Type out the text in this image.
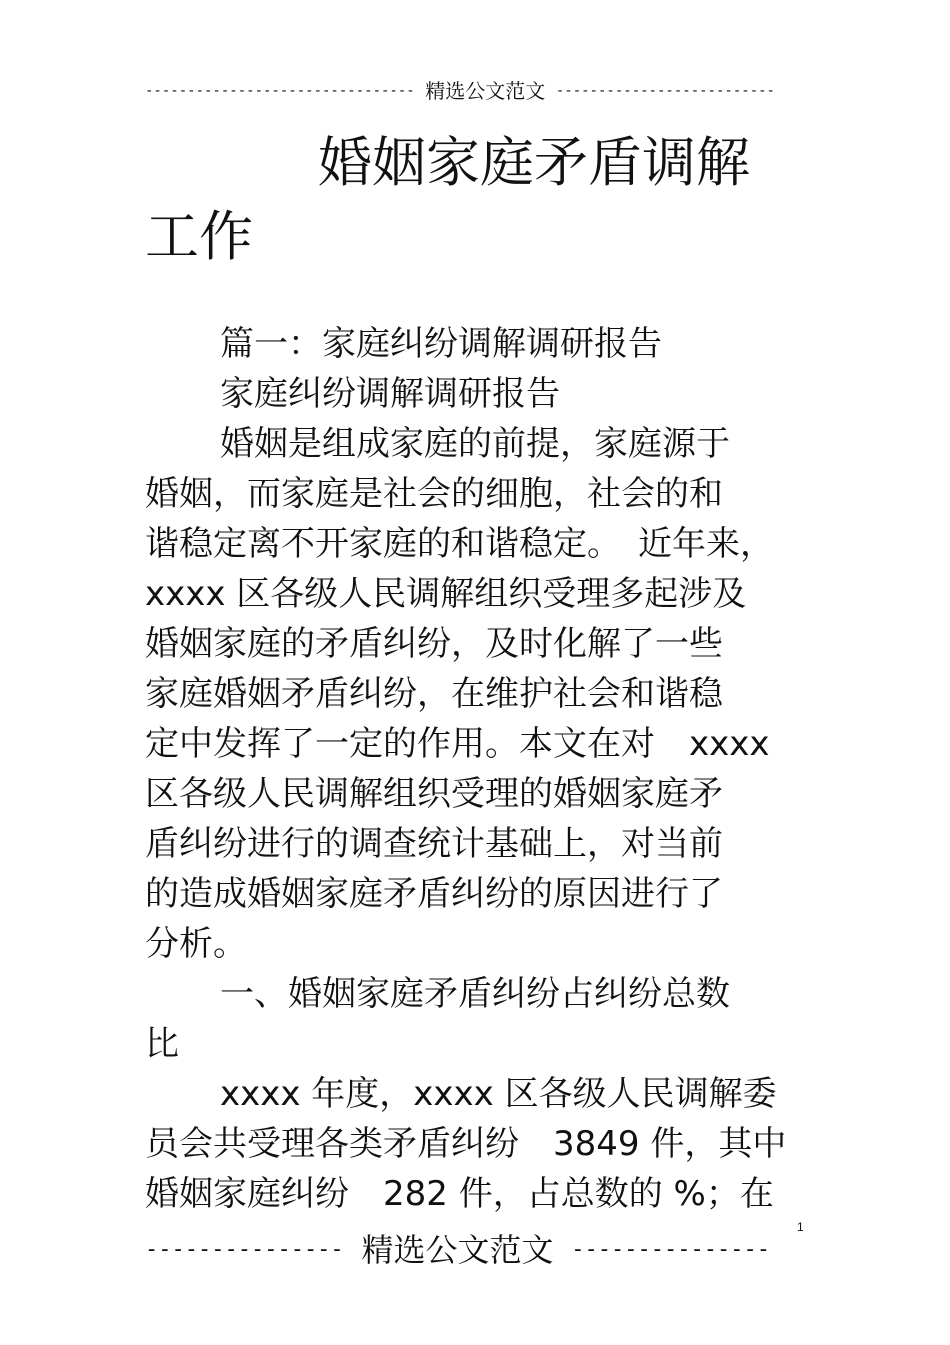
-------------------------------- 精选公文范文 --------------------------
婚姻家庭矛盾调解
工作
篇一：家庭纠纷调解调研报告
家庭纠纷调解调研报告
婚姻是组成家庭的前提，家庭源于
婚姻，而家庭是社会的细胞，社会的和
谐稳定离不开家庭的和谐稳定。　近年来，
xxxx 区各级人民调解组织受理多起涉及
婚姻家庭的矛盾纠纷，及时化解了一些
家庭婚姻矛盾纠纷，在维护社会和谐稳
定中发挥了一定的作用。本文在对　xxxx
区各级人民调解组织受理的婚姻家庭矛
盾纠纷进行的调查统计基础上，对当前
的造成婚姻家庭矛盾纠纷的原因进行了
分析。
一、婚姻家庭矛盾纠纷占纠纷总数
比
xxxx 年度，xxxx 区各级人民调解委
员会共受理各类矛盾纠纷　3849 件，其中
婚姻家庭纠纷　282 件，占总数的 %；在
1
--------------- 精选公文范文 ---------------
